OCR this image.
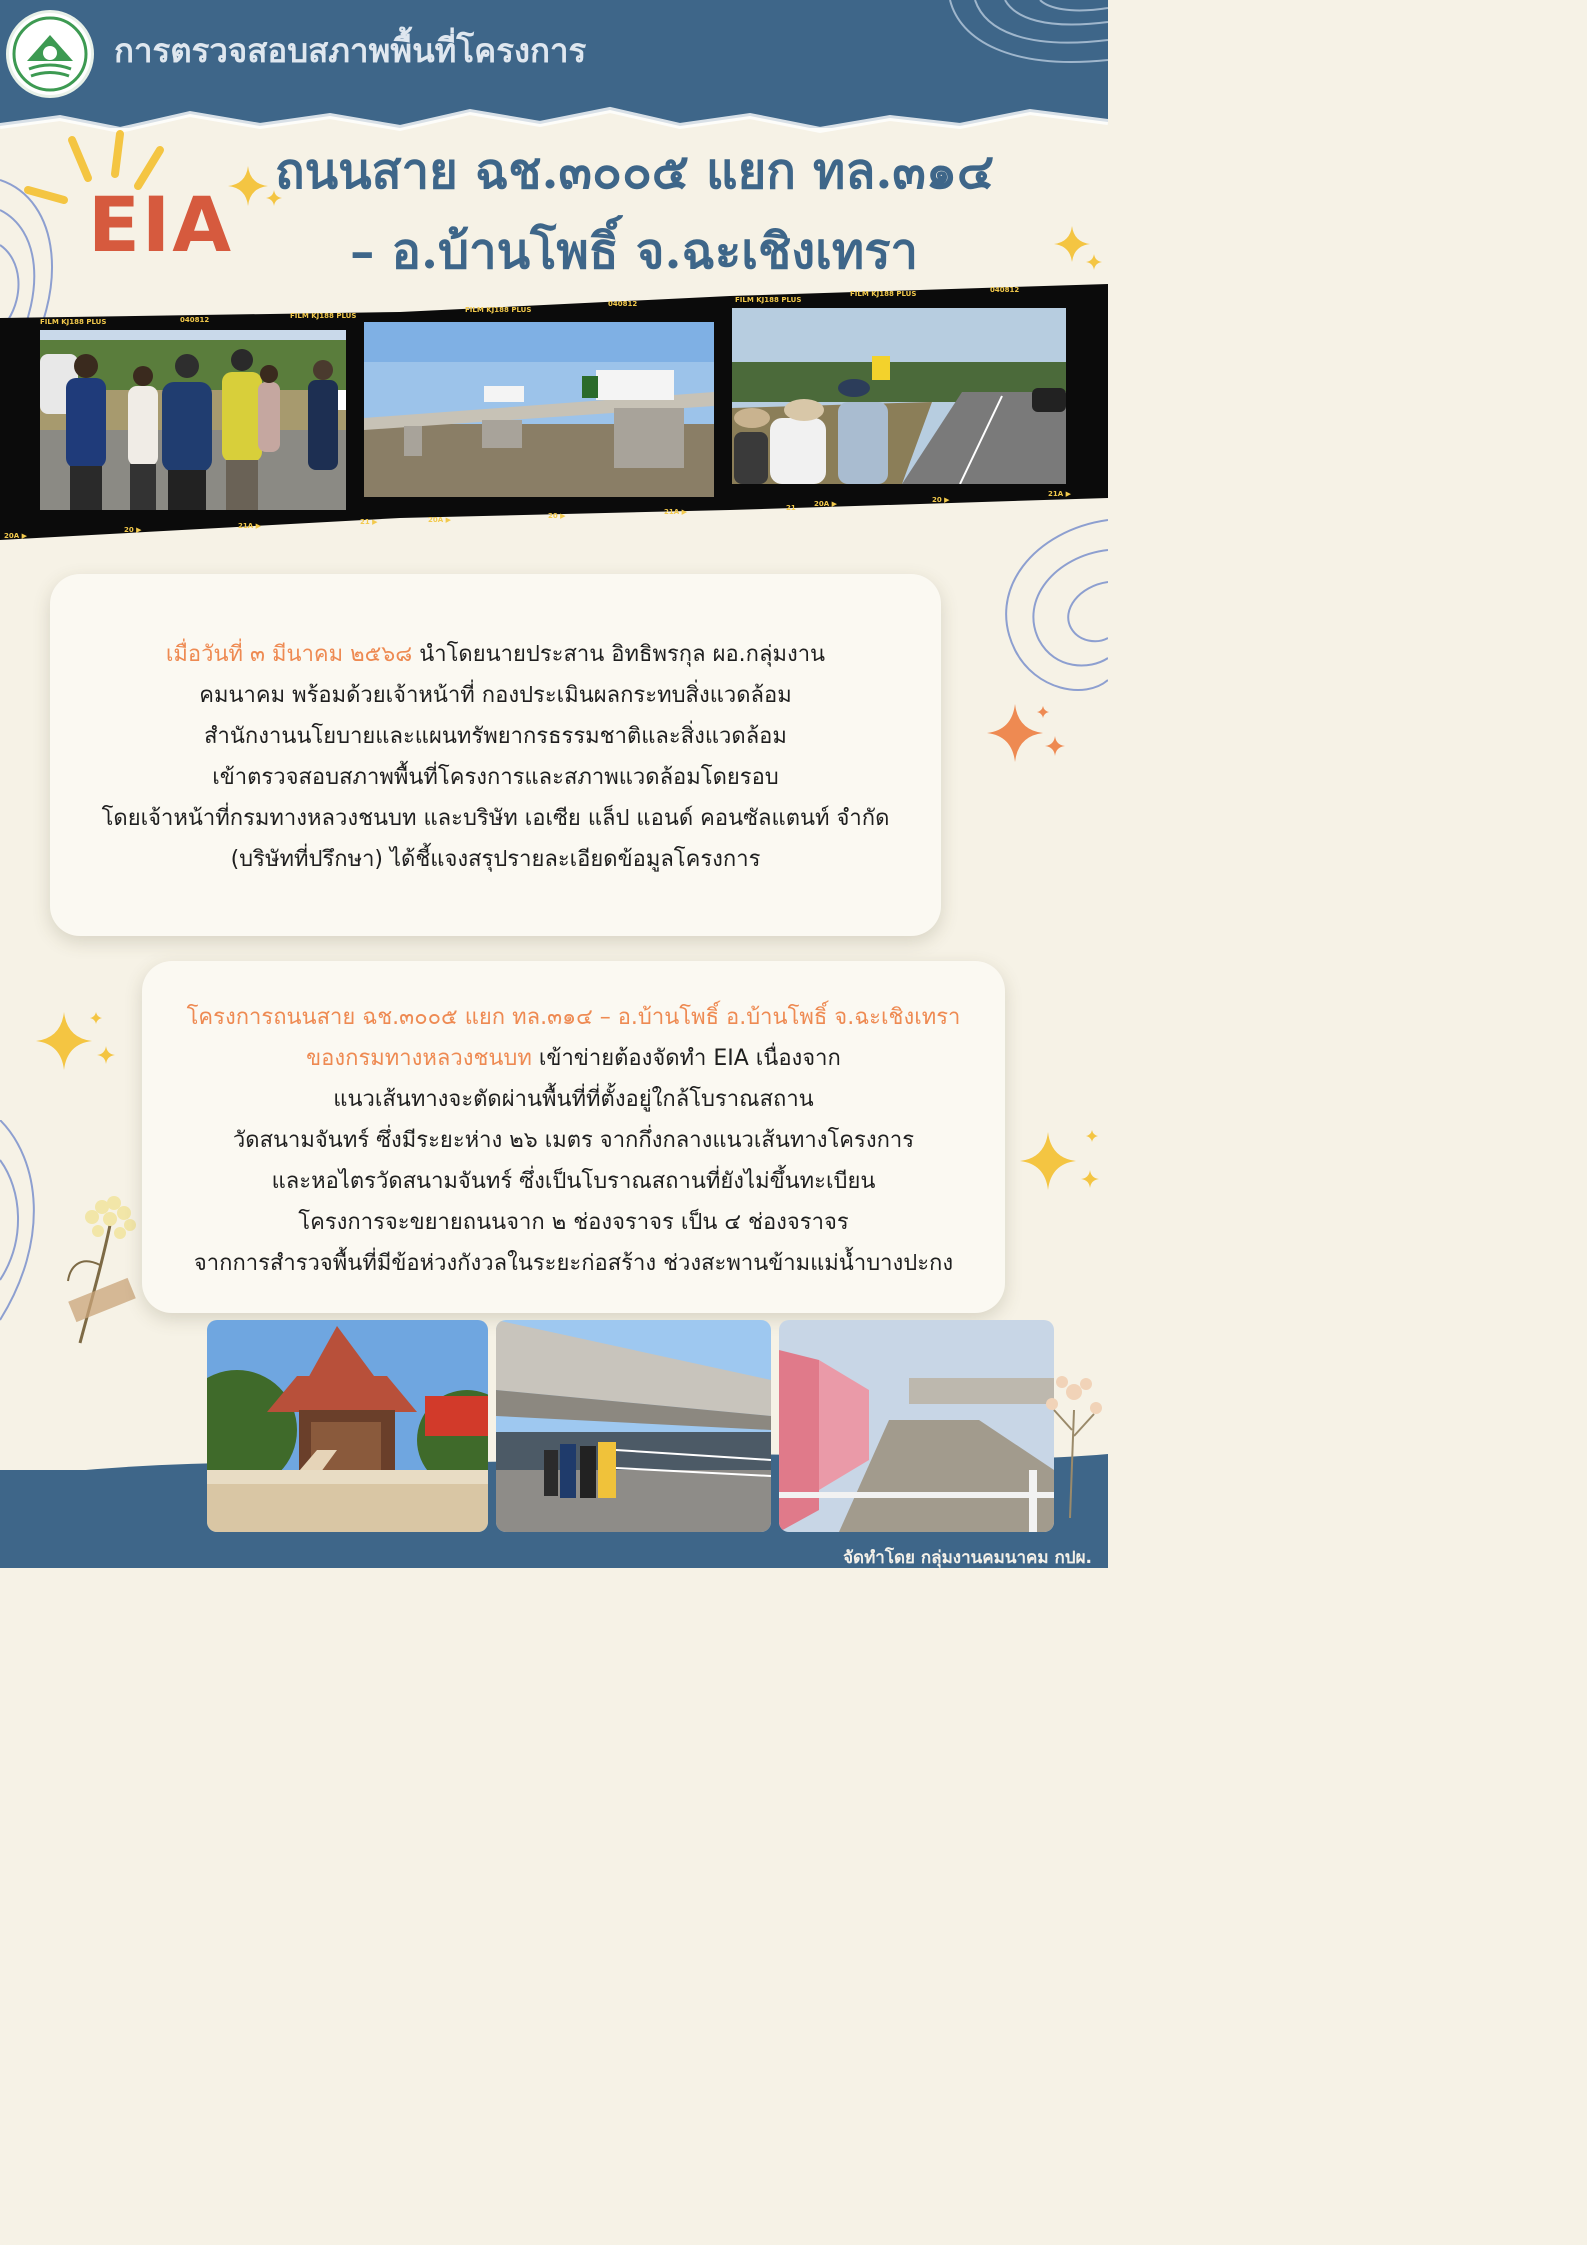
การตรวจสอบสภาพพื้นที่โครงการ
EIA
ถนนสาย ฉช.๓๐๐๕ แยก ทล.๓๑๔
– อ.บ้านโพธิ์ จ.ฉะเชิงเทรา
FILM KJ188 PLUS	040812	FILM KJ188 PLUS
FILM KJ188 PLUS
040812	FILM KJ188 PLUS
FILM KJ188 PLUS	040812
20A ▶
20 ▶	21A ▶	21 ▶	20A ▶	20 ▶	21A ▶	21	20A ▶	20 ▶
21A ▶

เมื่อวันที่ ๓ มีนาคม ๒๕๖๘ นำโดยนายประสาน อิทธิพรกุล ผอ.กลุ่มงาน

คมนาคม พร้อมด้วยเจ้าหน้าที่ กองประเมินผลกระทบสิ่งแวดล้อม

สำนักงานนโยบายและแผนทรัพยากรธรรมชาติและสิ่งแวดล้อม

เข้าตรวจสอบสภาพพื้นที่โครงการและสภาพแวดล้อมโดยรอบ

โดยเจ้าหน้าที่กรมทางหลวงชนบท และบริษัท เอเซีย แล็ป แอนด์ คอนซัลแตนท์ จำกัด

(บริษัทที่ปรึกษา) ได้ชี้แจงสรุปรายละเอียดข้อมูลโครงการ

โครงการถนนสาย ฉช.๓๐๐๕ แยก ทล.๓๑๔ – อ.บ้านโพธิ์ อ.บ้านโพธิ์ จ.ฉะเชิงเทรา

ของกรมทางหลวงชนบท เข้าข่ายต้องจัดทำ EIA เนื่องจาก

แนวเส้นทางจะตัดผ่านพื้นที่ที่ตั้งอยู่ใกล้โบราณสถาน

วัดสนามจันทร์ ซึ่งมีระยะห่าง ๒๖ เมตร จากกึ่งกลางแนวเส้นทางโครงการ

และหอไตรวัดสนามจันทร์ ซึ่งเป็นโบราณสถานที่ยังไม่ขึ้นทะเบียน

โครงการจะขยายถนนจาก ๒ ช่องจราจร เป็น ๔ ช่องจราจร

จากการสำรวจพื้นที่มีข้อห่วงกังวลในระยะก่อสร้าง ช่วงสะพานข้ามแม่น้ำบางปะกง

จัดทำโดย กลุ่มงานคมนาคม กปผ.
